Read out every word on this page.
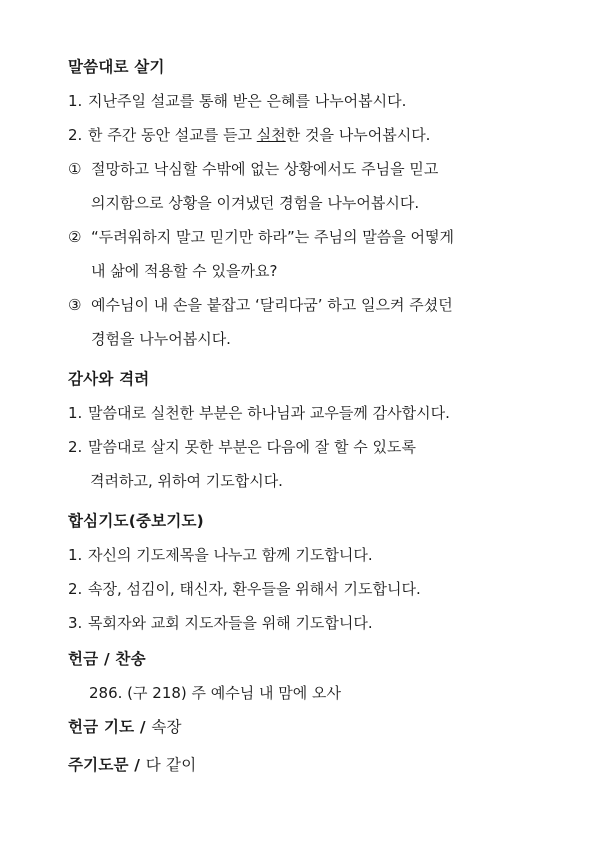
말씀대로 살기

1. 지난주일 설교를 통해 받은 은혜를 나누어봅시다.

2. 한 주간 동안 설교를 듣고 실천한 것을 나누어봅시다.

① 절망하고 낙심할 수밖에 없는 상황에서도 주님을 믿고
의지함으로 상황을 이겨냈던 경험을 나누어봅시다.

② “두려워하지 말고 믿기만 하라”는 주님의 말씀을 어떻게
내 삶에 적용할 수 있을까요?

③ 예수님이 내 손을 붙잡고 ‘달리다굼’ 하고 일으켜 주셨던
경험을 나누어봅시다.

감사와 격려

1. 말씀대로 실천한 부분은 하나님과 교우들께 감사합시다.

2. 말씀대로 살지 못한 부분은 다음에 잘 할 수 있도록
격려하고, 위하여 기도합시다.

합심기도(중보기도)

1. 자신의 기도제목을 나누고 함께 기도합니다.

2. 속장, 섬김이, 태신자, 환우들을 위해서 기도합니다.

3. 목회자와 교회 지도자들을 위해 기도합니다.

헌금 / 찬송

286. (구 218) 주 예수님 내 맘에 오사

헌금 기도 / 속장

주기도문 / 다 같이
